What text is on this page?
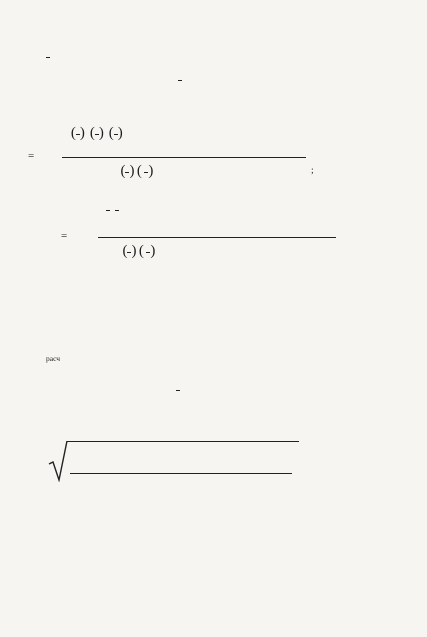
=

( ) ( ) ( )
( ) (
)	;
=

( ) (
)
расч
